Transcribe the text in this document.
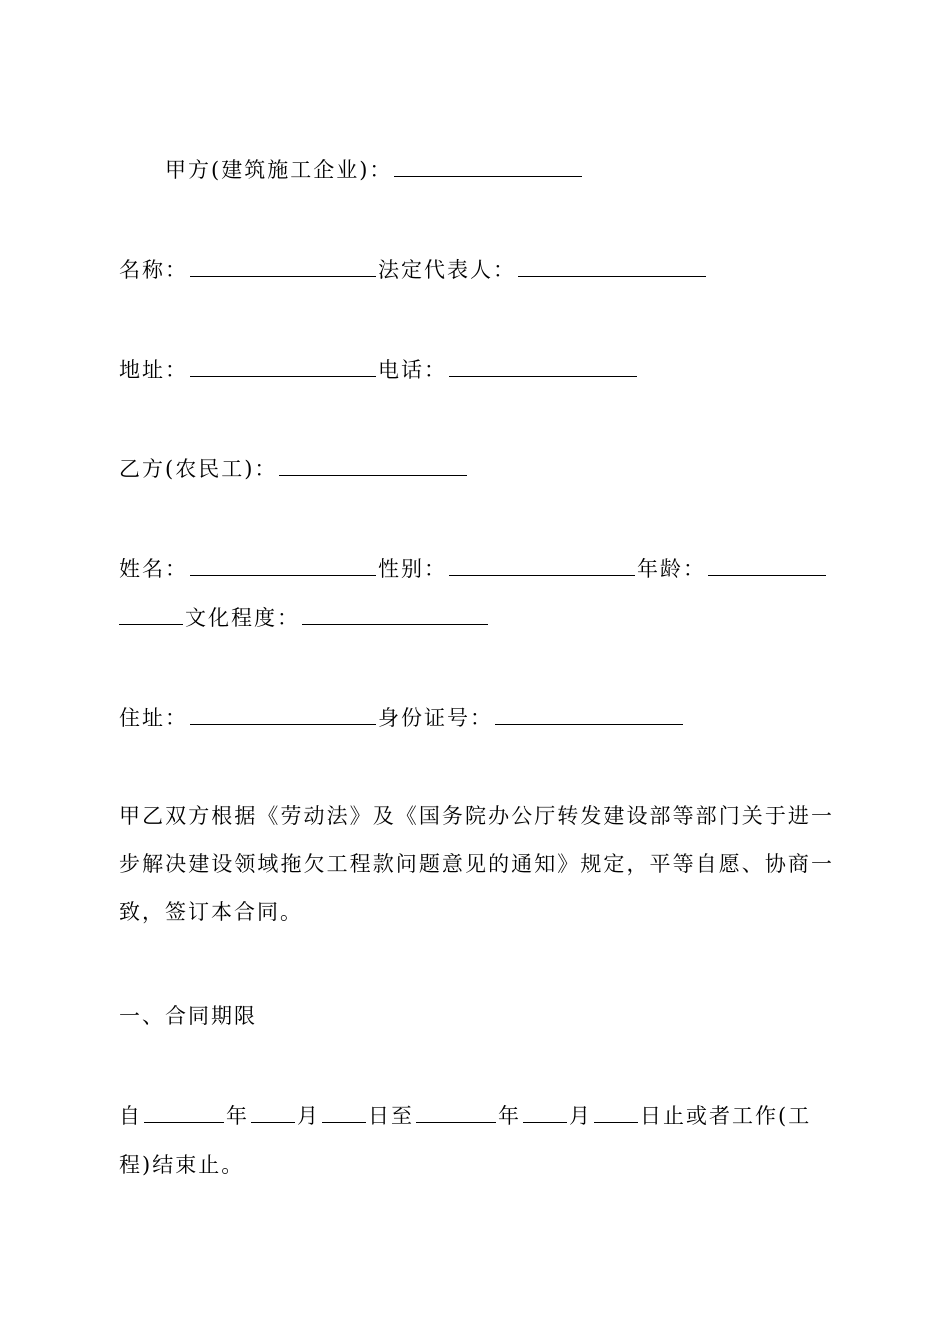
甲方(建筑施工企业)：
名称：	法定代表人：
地址：	电话：
乙方(农民工)：
姓名：	性别：	年龄：
文化程度：
住址：	身份证号：
甲乙双方根据《劳动法》及《国务院办公厅转发建设部等部门关于进一步解决建设领域拖欠工程款问题意见的通知》规定，平等自愿、协商一致，签订本合同。
一、合同期限
自	年 月 日至	年 月 日止或者工作(工
程)结束止。
